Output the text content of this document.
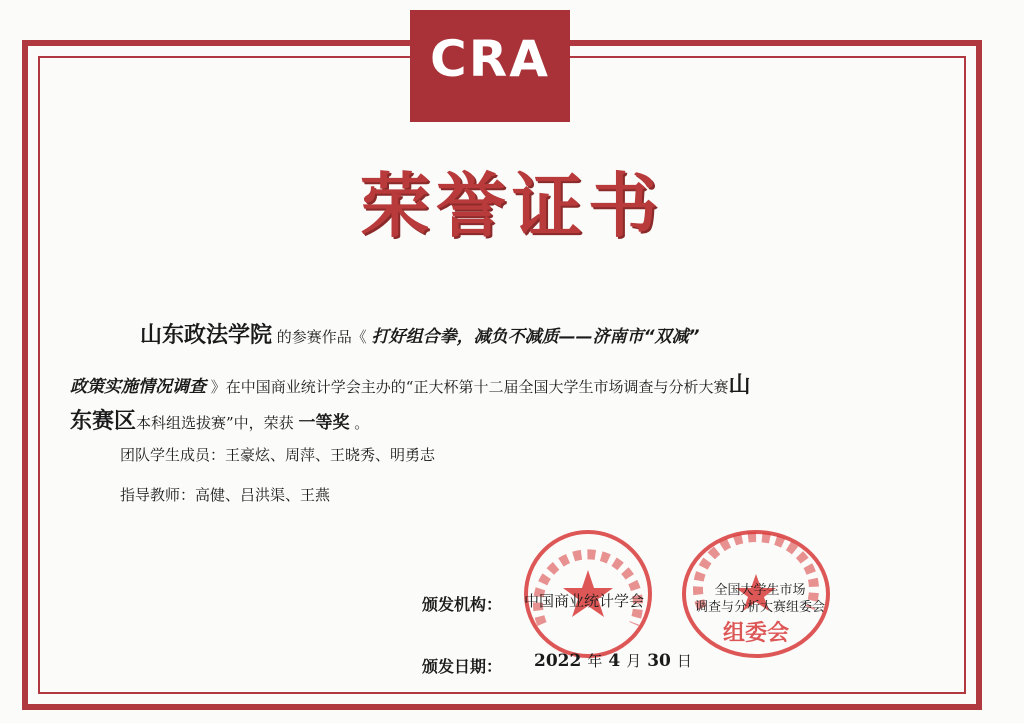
CRA
荣誉证书
山东政法学院 的参赛作品《 打好组合拳，减负不减质——济南市“双减”
政策实施情况调查 》在中国商业统计学会主办的“正大杯第十二届全国大学生市场调查与分析大赛山
东赛区本科组选拔赛”中，荣获 一等奖 。
团队学生成员：王豪炫、周萍、王晓秀、明勇志
指导教师：高健、吕洪渠、王燕
组委会
颁发机构： 中国商业统计学会
全国大学生市场
调查与分析大赛组委会
颁发日期： 2022 年 4 月 30 日
